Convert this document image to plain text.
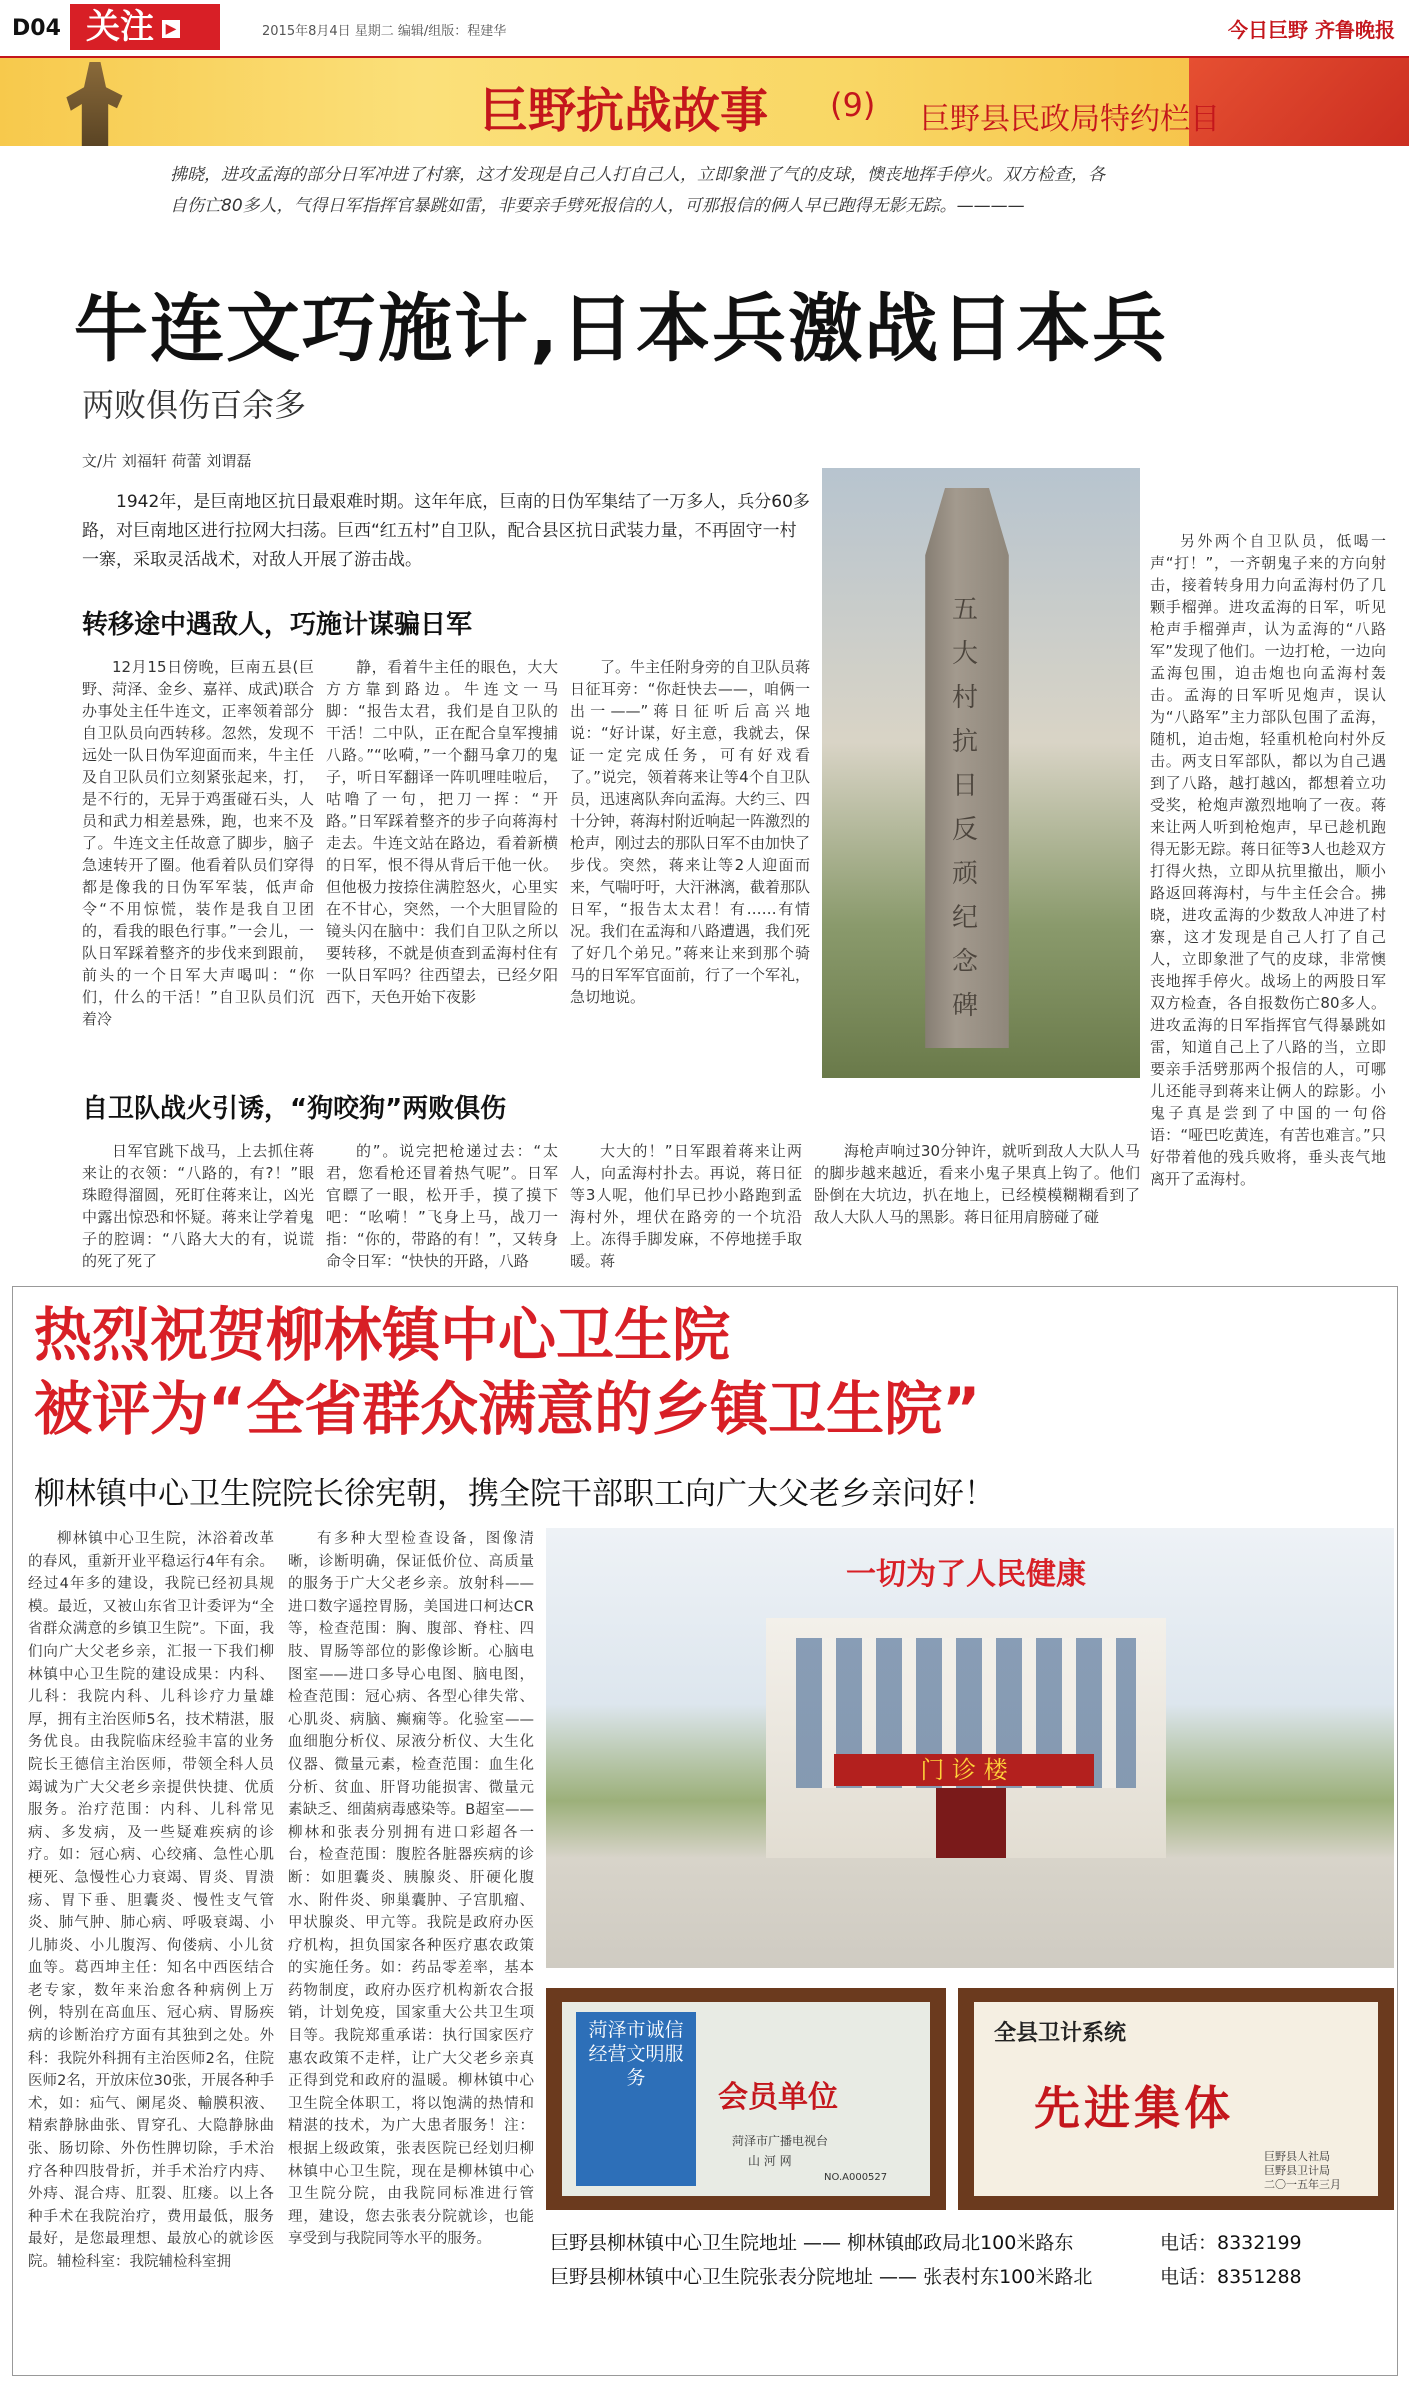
D04 关注 ▶	2015年8月4日 星期二 编辑/组版：程建华	今日巨野 齐鲁晚报
巨野抗战故事 (9) 巨野县民政局特约栏目
拂晓，进攻孟海的部分日军冲进了村寨，这才发现是自己人打自己人，立即象泄了气的皮球，懊丧地挥手停火。双方检查，各自伤亡80多人，气得日军指挥官暴跳如雷，非要亲手劈死报信的人，可那报信的俩人早已跑得无影无踪。————
牛连文巧施计,日本兵激战日本兵
两败俱伤百余多
文/片 刘福轩 荷蕾 刘谓磊
1942年，是巨南地区抗日最艰难时期。这年年底，巨南的日伪军集结了一万多人，兵分60多路，对巨南地区进行拉网大扫荡。巨西“红五村”自卫队，配合县区抗日武装力量，不再固守一村一寨，采取灵活战术，对敌人开展了游击战。
转移途中遇敌人，巧施计谋骗日军
12月15日傍晚，巨南五县(巨野、菏泽、金乡、嘉祥、成武)联合办事处主任牛连文，正率领着部分自卫队员向西转移。忽然，发现不远处一队日伪军迎面而来，牛主任及自卫队员们立刻紧张起来，打，是不行的，无异于鸡蛋碰石头，人员和武力相差悬殊，跑，也来不及了。牛连文主任故意了脚步，脑子急速转开了圈。他看着队员们穿得都是像我的日伪军军装，低声命令“不用惊慌，装作是我自卫团的，看我的眼色行事。”一会儿，一队日军踩着整齐的步伐来到跟前，前头的一个日军大声喝叫：“你们，什么的干活！”自卫队员们沉着冷
静，看着牛主任的眼色，大大方方靠到路边。牛连文一马脚：“报告太君，我们是自卫队的干活！二中队，正在配合皇军搜捕八路。”“吆嗬，”一个翻马拿刀的鬼子，听日军翻译一阵叽哩哇啦后，咕噜了一句，把刀一挥：“开路。”日军踩着整齐的步子向蒋海村走去。牛连文站在路边，看着新横的日军，恨不得从背后干他一伙。但他极力按捺住满腔怒火，心里实在不甘心，突然，一个大胆冒险的镜头闪在脑中：我们自卫队之所以要转移，不就是侦查到孟海村住有一队日军吗？往西望去，已经夕阳西下，天色开始下夜影
了。牛主任附身旁的自卫队员蒋日征耳旁：“你赶快去——，咱俩一出一——”蒋日征听后高兴地说：“好计谋，好主意，我就去，保证一定完成任务，可有好戏看了。”说完，领着蒋来让等4个自卫队员，迅速离队奔向孟海。大约三、四十分钟，蒋海村附近响起一阵激烈的枪声，刚过去的那队日军不由加快了步伐。突然，蒋来让等2人迎面而来，气喘吁吁，大汗淋漓，截着那队日军，“报告太太君！有……有情况。我们在孟海和八路遭遇，我们死了好几个弟兄。”蒋来让来到那个骑马的日军军官面前，行了一个军礼，急切地说。
五大村抗日反顽纪念碑
另外两个自卫队员，低喝一声“打！”，一齐朝鬼子来的方向射击，接着转身用力向孟海村仍了几颗手榴弹。进攻孟海的日军，听见枪声手榴弹声，认为孟海的“八路军”发现了他们。一边打枪，一边向孟海包围，迫击炮也向孟海村轰击。孟海的日军听见炮声，误认为“八路军”主力部队包围了孟海，随机，迫击炮，轻重机枪向村外反击。两支日军部队，都以为自己遇到了八路，越打越凶，都想着立功受奖，枪炮声激烈地响了一夜。蒋来让两人听到枪炮声，早已趁机跑得无影无踪。蒋日征等3人也趁双方打得火热，立即从抗里撤出，顺小路返回蒋海村，与牛主任会合。拂晓，进攻孟海的少数敌人冲进了村寨，这才发现是自己人打了自己人，立即象泄了气的皮球，非常懊丧地挥手停火。战场上的两股日军双方检查，各自报数伤亡80多人。进攻孟海的日军指挥官气得暴跳如雷，知道自己上了八路的当，立即要亲手活劈那两个报信的人，可哪儿还能寻到蒋来让俩人的踪影。小鬼子真是尝到了中国的一句俗语：“哑巴吃黄连，有苦也难言。”只好带着他的残兵败将，垂头丧气地离开了孟海村。
自卫队战火引诱，“狗咬狗”两败俱伤
日军官跳下战马，上去抓住蒋来让的衣领：“八路的，有?！”眼珠瞪得溜圆，死盯住蒋来让，凶光中露出惊恐和怀疑。蒋来让学着鬼子的腔调：“八路大大的有，说谎的死了死了
的”。说完把枪递过去：“太君，您看枪还冒着热气呢”。日军官瞟了一眼，松开手，摸了摸下吧：“吆嗬！”飞身上马，战刀一指：“你的，带路的有！”，又转身命令日军：“快快的开路，八路
大大的！”日军跟着蒋来让两人，向孟海村扑去。再说，蒋日征等3人呢，他们早已抄小路跑到孟海村外，埋伏在路旁的一个坑沿上。冻得手脚发麻，不停地搓手取暖。蒋
海枪声响过30分钟许，就听到敌人大队人马的脚步越来越近，看来小鬼子果真上钩了。他们卧倒在大坑边，扒在地上，已经模模糊糊看到了敌人大队人马的黑影。蒋日征用肩膀碰了碰
热烈祝贺柳林镇中心卫生院
被评为“全省群众满意的乡镇卫生院”
柳林镇中心卫生院院长徐宪朝，携全院干部职工向广大父老乡亲问好！
柳林镇中心卫生院，沐浴着改革的春风，重新开业平稳运行4年有余。经过4年多的建设，我院已经初具规模。最近，又被山东省卫计委评为“全省群众满意的乡镇卫生院”。下面，我们向广大父老乡亲，汇报一下我们柳林镇中心卫生院的建设成果：内科、儿科：我院内科、儿科诊疗力量雄厚，拥有主治医师5名，技术精湛，服务优良。由我院临床经验丰富的业务院长王德信主治医师，带领全科人员竭诚为广大父老乡亲提供快捷、优质服务。治疗范围：内科、儿科常见病、多发病，及一些疑难疾病的诊疗。如：冠心病、心绞痛、急性心肌梗死、急慢性心力衰竭、胃炎、胃溃疡、胃下垂、胆囊炎、慢性支气管炎、肺气肿、肺心病、呼吸衰竭、小儿肺炎、小儿腹泻、佝偻病、小儿贫血等。葛西坤主任：知名中西医结合老专家，数年来治愈各种病例上万例，特别在高血压、冠心病、胃肠疾病的诊断治疗方面有其独到之处。外科：我院外科拥有主治医师2名，住院医师2名，开放床位30张，开展各种手术，如：疝气、阑尾炎、輸膜积液、精索静脉曲张、胃穿孔、大隐静脉曲张、肠切除、外伤性脾切除，手术治疗各种四肢骨折，并手术治疗内痔、外痔、混合痔、肛裂、肛瘘。以上各种手术在我院治疗，费用最低，服务最好，是您最理想、最放心的就诊医院。辅检科室：我院辅检科室拥
有多种大型检查设备，图像清晰，诊断明确，保证低价位、高质量的服务于广大父老乡亲。放射科——进口数字遥控胃肠，美国进口柯达CR等，检查范围：胸、腹部、脊柱、四肢、胃肠等部位的影像诊断。心脑电图室——进口多导心电图、脑电图，检查范围：冠心病、各型心律失常、心肌炎、病脑、癫痫等。化验室——血细胞分析仪、尿液分析仪、大生化仪器、微量元素，检查范围：血生化分析、贫血、肝肾功能损害、微量元素缺乏、细菌病毒感染等。B超室——柳林和张表分别拥有进口彩超各一台，检查范围：腹腔各脏器疾病的诊断：如胆囊炎、胰腺炎、肝硬化腹水、附件炎、卵巢囊肿、子宫肌瘤、甲状腺炎、甲亢等。我院是政府办医疗机构，担负国家各种医疗惠农政策的实施任务。如：药品零差率，基本药物制度，政府办医疗机构新农合报销，计划免疫，国家重大公共卫生项目等。我院郑重承诺：执行国家医疗惠农政策不走样，让广大父老乡亲真正得到党和政府的温暖。柳林镇中心卫生院全体职工，将以饱满的热情和精湛的技术，为广大患者服务！注：根据上级政策，张表医院已经划归柳林镇中心卫生院，现在是柳林镇中心卫生院分院，由我院同标准进行管理，建设，您去张表分院就诊，也能享受到与我院同等水平的服务。
一切为了人民健康
门 诊 楼
菏泽市诚信经营文明服务
会员单位
菏泽市广播电视台
山 河 网
NO.A000527
全县卫计系统
先进集体
巨野县人社局
巨野县卫计局
二〇一五年三月
巨野县柳林镇中心卫生院地址 —— 柳林镇邮政局北100米路东	电话：8332199
巨野县柳林镇中心卫生院张表分院地址 —— 张表村东100米路北	电话：8351288
